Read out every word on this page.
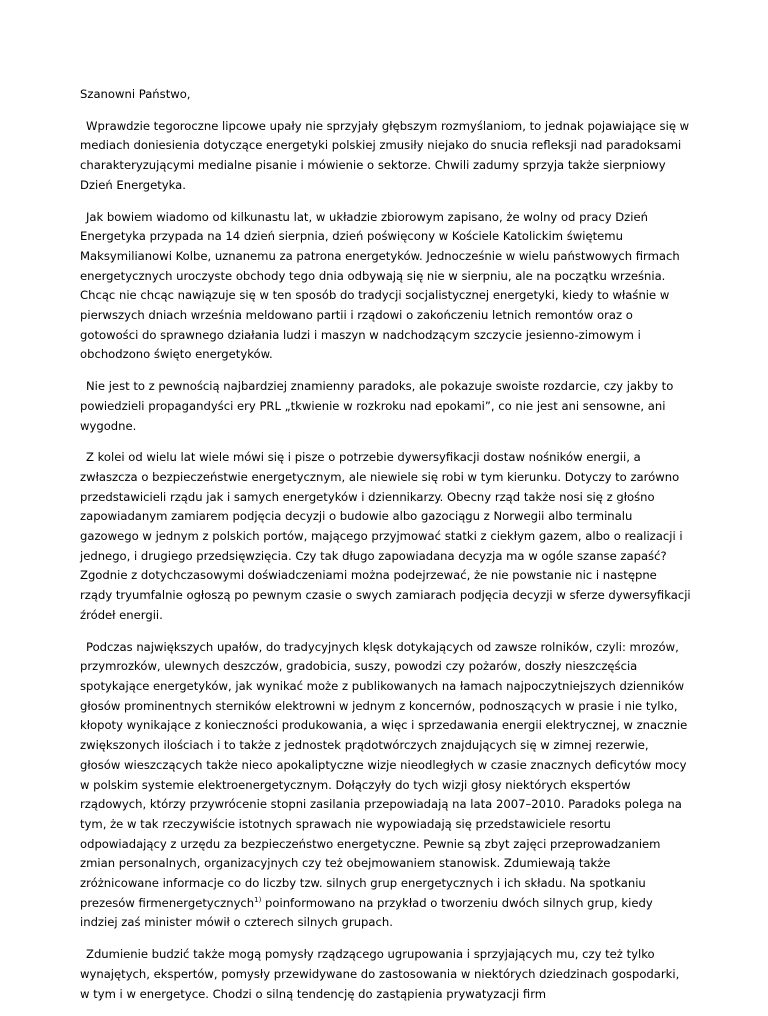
Szanowni Państwo,

Wprawdzie tegoroczne lipcowe upały nie sprzyjały głębszym rozmyślaniom, to jednak pojawiające się w mediach doniesienia dotyczące energetyki polskiej zmusiły niejako do snucia refleksji nad paradoksami charakteryzującymi medialne pisanie i mówienie o sektorze. Chwili zadumy sprzyja także sierpniowy Dzień Energetyka.

Jak bowiem wiadomo od kilkunastu lat, w układzie zbiorowym zapisano, że wolny od pracy Dzień Energetyka przypada na 14 dzień sierpnia, dzień poświęcony w Kościele Katolickim świętemu Maksymilianowi Kolbe, uznanemu za patrona energetyków. Jednocześnie w wielu państwowych firmach energetycznych uroczyste obchody tego dnia odbywają się nie w sierpniu, ale na początku września. Chcąc nie chcąc nawiązuje się w ten sposób do tradycji socjalistycznej energetyki, kiedy to właśnie w pierwszych dniach września meldowano partii i rządowi o zakończeniu letnich remontów oraz o gotowości do sprawnego działania ludzi i maszyn w nadchodzącym szczycie jesienno-zimowym i obchodzono święto energetyków.

Nie jest to z pewnością najbardziej znamienny paradoks, ale pokazuje swoiste rozdarcie, czy jakby to powiedzieli propagandyści ery PRL „tkwienie w rozkroku nad epokami”, co nie jest ani sensowne, ani wygodne.

Z kolei od wielu lat wiele mówi się i pisze o potrzebie dywersyfikacji dostaw nośników energii, a zwłaszcza o bezpieczeństwie energetycznym, ale niewiele się robi w tym kierunku. Dotyczy to zarówno przedstawicieli rządu jak i samych energetyków i dziennikarzy. Obecny rząd także nosi się z głośno zapowiadanym zamiarem podjęcia decyzji o budowie albo gazociągu z Norwegii albo terminalu gazowego w jednym z polskich portów, mającego przyjmować statki z ciekłym gazem, albo o realizacji i jednego, i drugiego przedsięwzięcia. Czy tak długo zapowiadana decyzja ma w ogóle szanse zapaść? Zgodnie z dotychczasowymi doświadczeniami można podejrzewać, że nie powstanie nic i następne rządy tryumfalnie ogłoszą po pewnym czasie o swych zamiarach podjęcia decyzji w sferze dywersyfikacji źródeł energii.

Podczas największych upałów, do tradycyjnych klęsk dotykających od zawsze rolników, czyli: mrozów, przymrozków, ulewnych deszczów, gradobicia, suszy, powodzi czy pożarów, doszły nieszczęścia spotykające energetyków, jak wynikać może z publikowanych na łamach najpoczytniejszych dzienników głosów prominentnych sterników elektrowni w jednym z koncernów, podnoszących w prasie i nie tylko, kłopoty wynikające z konieczności produkowania, a więc i sprzedawania energii elektrycznej, w znacznie zwiększonych ilościach i to także z jednostek prądotwórczych znajdujących się w zimnej rezerwie, głosów wieszczących także nieco apokaliptyczne wizje nieodległych w czasie znacznych deficytów mocy w polskim systemie elektroenergetycznym. Dołączyły do tych wizji głosy niektórych ekspertów rządowych, którzy przywrócenie stopni zasilania przepowiadają na lata 2007–2010. Paradoks polega na tym, że w tak rzeczywiście istotnych sprawach nie wypowiadają się przedstawiciele resortu odpowiadający z urzędu za bezpieczeństwo energetyczne. Pewnie są zbyt zajęci przeprowadzaniem zmian personalnych, organizacyjnych czy też obejmowaniem stanowisk. Zdumiewają także zróżnicowane informacje co do liczby tzw. silnych grup energetycznych i ich składu. Na spotkaniu prezesów firmenergetycznych$^{1)}$ poinformowano na przykład o tworzeniu dwóch silnych grup, kiedy indziej zaś minister mówił o czterech silnych grupach.

Zdumienie budzić także mogą pomysły rządzącego ugrupowania i sprzyjających mu, czy też tylko wynajętych, ekspertów, pomysły przewidywane do zastosowania w niektórych dziedzinach gospodarki, w tym i w energetyce. Chodzi o silną tendencję do zastąpienia prywatyzacji firm
